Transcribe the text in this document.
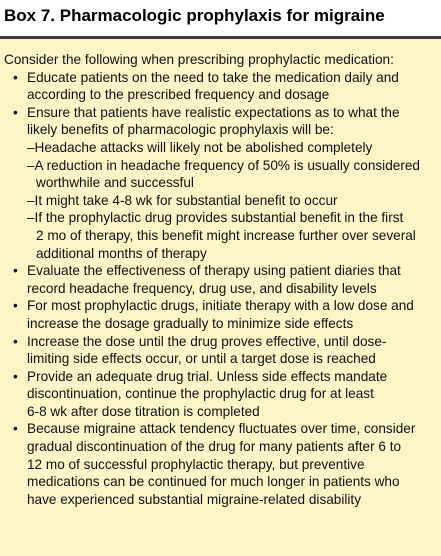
Box 7. Pharmacologic prophylaxis for migraine

Consider the following when prescribing prophylactic medication:

• Educate patients on the need to take the medication daily and

according to the prescribed frequency and dosage

• Ensure that patients have realistic expectations as to what the

likely benefits of pharmacologic prophylaxis will be:

–Headache attacks will likely not be abolished completely

–A reduction in headache frequency of 50% is usually considered

worthwhile and successful

–It might take 4-8 wk for substantial benefit to occur

–If the prophylactic drug provides substantial benefit in the first

2 mo of therapy, this benefit might increase further over several

additional months of therapy

• Evaluate the effectiveness of therapy using patient diaries that

record headache frequency, drug use, and disability levels

• For most prophylactic drugs, initiate therapy with a low dose and

increase the dosage gradually to minimize side effects

• Increase the dose until the drug proves effective, until dose-

limiting side effects occur, or until a target dose is reached

• Provide an adequate drug trial. Unless side effects mandate

discontinuation, continue the prophylactic drug for at least

6-8 wk after dose titration is completed

• Because migraine attack tendency fluctuates over time, consider

gradual discontinuation of the drug for many patients after 6 to

12 mo of successful prophylactic therapy, but preventive

medications can be continued for much longer in patients who

have experienced substantial migraine-related disability
